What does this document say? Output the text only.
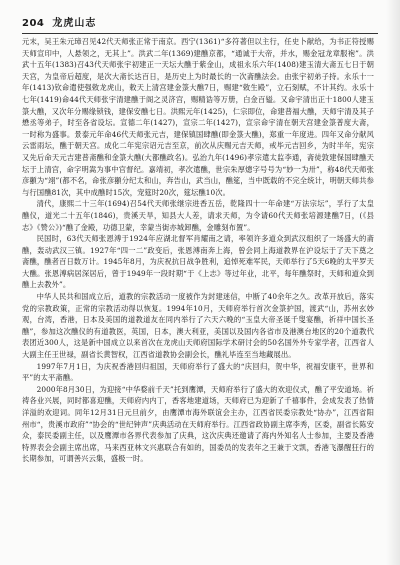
204 龙虎山志

元末，吴王朱元璋召见42代天师张正常于南京。西宁(1361)“多符著但以主行，任史卜献给，为书正符授赐天师宣印中，人悬领之，无其上”。洪武二年(1369)建醮京都，“通诚于大帝，并水，赐金冠龙章服袍”。洪武十五年(1383)召43代天师张宇初建正一天坛大醮于紫金山，成祖永乐六年(1408)建玉清大斋五七日于朝天宫，为皇帝后超度，是次大斋长达百日，是历史上为时最长的一次斋醮法会。由张宇初弟子持。永乐十一年(1413)钦命遣使强敕龙虎山，敕天上清宫建金箓大醮7日，赐建“敕生殿”，立石刻赋，不计其约。永乐十七年(1419)命44代天师张宇清建醮于阁之灵济宫，赐精诰等万册，白金百镒。又命宇清出正十1800人建玉箓大醮，又次年分赐缘锁钱，建保安醮七日。洪熙元年(1425)，仁宗即位，命建普福大醮，天师宇清及其子懋丞等弟子，时至各省设坛。宣德二年(1427)，宣宗二年(1427)，宣宗命宇清在朝天宫建金箓普度大斋，一时称为盛事。景泰元年命46代天师张元吉，建保镇国肆醮(即金箓大醮)，郑重一年度进。四年又命分献风云雷雨坛，醮于朝天宫。成化二年宪宗诏元吉至京，前次从庆赐元吉天师，戒毕元吉回乡，为时半年，宪宗又先后命天元吉建普斋醮和金箓大醮(大都醮政名)。弘治九年(1496)孝宗遣太监李通，斋徒敦建保国肆醮天坛于上清宫，命字明嵩为事中官督纪。嘉靖初，孝次遣醮，世宗朱厚熜字号号为“妙一为卅”，称48代天师张彦頨为“翊”(都不名，命张彦頨分纪太和山，奔告山，武当山，醮筵，当中既载的不完全统计，明朝天师共参与行国醮81次，其中成醮时15次，宠筵时20次，筵坛醮10次。

清代，康熙二十三年(1694)召54代天师张继宗进香五岳，乾隆四十一年命建“万法宗坛”，孚行了太皇醮仪，道光二十五年(1846)，贵溪天旱，知县大人差，请求天师，为令请60代天师张培源建醮7日，(《县志》《赞公》)“醮了金殿，功德卫蒙，幸蒙当街亦城卸醮，金雕刻布置”。

民国时，63代天师张恩溥于1924年应湖北督军肖耀南之请，率领许多道众到武汉组织了一场盛大的斋醮，轰动武汉三镇。1927年“四一二”政变后，张恩溥南奔上海，曾会同上海道教界在沪设坛于了天下奠之斋醮，醮者百日数万计。1945年8月，为庆祝抗日战争胜利，追悼死难军民，天师举行了5天6晚的太平罗天大醮。张恩溥病居深居后，曾于1949年一段时期“于《上志》等过年业，北平，每年醮祭时，天师和道众到醮上去教外”。

中华人民共和国成立后，道教的宗教活动一度被作为封建迷信，中断了40余年之久。改革开放后，落实党的宗教政策，正常的宗教活动得以恢复。1994年10月，天师府举行首次金箓护国，渡武“山，苏州玄妙观，台湾，香港，日本及美国的道教道友在同内举行了六天六晚的“玉皇大帝圣诞千叟宴醮，祈祥中国长圣醮”，参加这次醮仪的有道教医，英国，日本，澳大利亚，美国以及国内各省市及港澳台地区的20个道教代表团近300人，这是新中国成立以来首次在龙虎山天师府国际学术研讨会的50名国外外专家学者，江西省人大副主任王世禄，副省长黄智权，江西省道教协会副会长，醮礼毕连至当地藏展出。

1997年7月1日，为庆祝香港回归祖国，天师府举行了盛大的“庆回归，贺中华，祝福安康平，世界和平”的太平斋醮。

2000年8月30日，为迎接“中华婺前千天”托到鹰潭，天师府举行了盛大的欢迎仪式，醮了平安道场。祈祷各业兴展，同时都喜迎醮，天师府内内丁，香客地建道场，天师府已为迎新了千禧事件，会成发表了热情洋溢的欢迎词。同年12月31日元旦前夕，由鹰潭市海外联谊会主办，江西省民委宗教处“协办”，江西省阳州市“，贵溪市政府”“协会的“世纪钟声”庆典活动在天师府举行。江西省政协副主席李秀，区委，副省长陈安众，泰民委副主任，以及鹰潭市各界代表参加了庆典，这次庆典还邀请了海内外知名人士参加，主要及香港特界表会会副主席出席，马来西亚林文兴惠联合有如的，国委员的发表年之王兼于文凯，香港飞瀑醒狂行的长期参加，可谓善兴云集，盛极一时。
